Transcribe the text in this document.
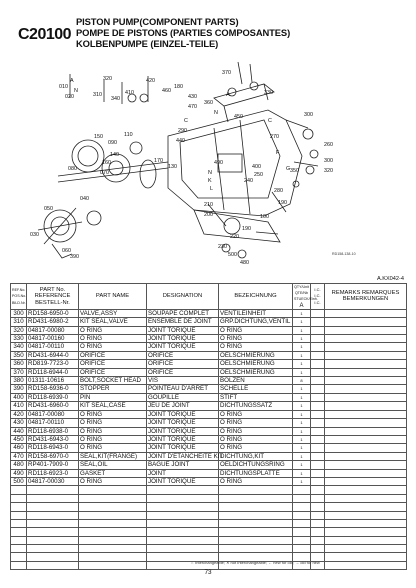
C20100
PISTON PUMP(COMPONENT PARTS)
POMPE DE PISTONS (PARTIES COMPOSANTES)
KOLBENPUMPE (EINZEL-TEILE)
010
020
320
310
340
410
420
460
180
370
360
330
450
270
290
440
110
090
150
140
080
160
070
170
130
490
050
040
030
060
390
300
260
300
320
350
240
250
280
190
210
200	100
190
220
230
500
480
430
470
400
A
N
A
N
C	C
N
K
L
F
G
RD158-138-10
A.KX042-4
REF.No. POS.No. BILD.Nr.	PART No. REFERENCE BESTELL-Nr.	PART NAME	DESIGNATION	BEZEICHNUNG	QTY/Unit QTE/Nb STUECK/Einh. A	I.C. I.C. I.C.	REMARKS REMARQUES BEMERKUNGEN
300	RD158-6950-0	VALVE,ASSY	SOUPAPE COMPLET	VENTILEINHEIT	1		
310	RD431-6980-2	KIT SEAL,VALVE	ENSEMBLE DE JOINT	GRP.DICHTUNG,VENTIL	1		
320	04817-00080	O RING	JOINT TORIQUE	O RING	1		
330	04817-00160	O RING	JOINT TORIQUE	O RING	1		
340	04817-00110	O RING	JOINT TORIQUE	O RING	1		
350	RD431-6944-0	ORIFICE	ORIFICE	OELSCHMIERUNG	1		
360	RD819-7723-0	ORIFICE	ORIFICE	OELSCHMIERUNG	1		
370	RD118-6944-0	ORIFICE	ORIFICE	OELSCHMIERUNG	1		
380	01311-10616	BOLT,SOCKET HEAD	VIS	BOLZEN	8		
390	RD158-6936-0	STOPPER	POINTEAU D'ARRET	SCHELLE	1		
400	RD118-6939-0	PIN	GOUPILLE	STIFT	1		
410	RD431-6960-0	KIT SEAL,CASE	JEU DE JOINT	DICHTUNGSSATZ	1		
420	04817-00080	O RING	JOINT TORIQUE	O RING	1		
430	04817-00110	O RING	JOINT TORIQUE	O RING	1		
440	RD118-6938-0	O RING	JOINT TORIQUE	O RING	1		
450	RD431-6943-0	O RING	JOINT TORIQUE	O RING	1		
460	RD118-6943-0	O RING	JOINT TORIQUE	O RING	1		
470	RD158-6970-0	SEAL,KIT(FRANGE)	JOINT D'ETANCHEITE KIT	DICHTUNG,KIT	1		
480	RP401-7909-0	SEAL,OIL	BAGUE JOINT	OELDICHTUNGSRING	1		
490	RD118-6923-0	GASKET	JOINT	DICHTUNGSPLATTE	1		
500	04817-00030	O RING	JOINT TORIQUE	O RING	1		

⇔ Interchangeable; ✕ not Interchangeable; ← new for old; → old for new
73
